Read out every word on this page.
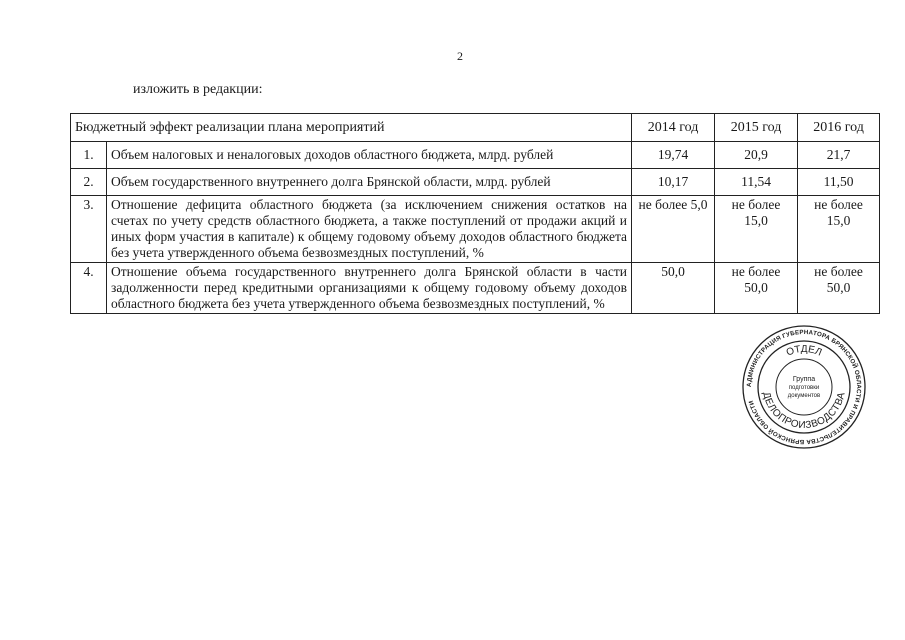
2
изложить в редакции:
Бюджетный эффект реализации плана мероприятий		2014 год	2015 год	2016 год
1.	Объем налоговых и неналоговых доходов областного бюджета, млрд. рублей	19,74	20,9	21,7
2.	Объем государственного внутреннего долга Брянской области, млрд. рублей	10,17	11,54	11,50
3.	Отношение дефицита областного бюджета (за исключением снижения остатков на счетах по учету средств областного бюджета, а также поступлений от продажи акций и иных форм участия в капитале) к общему годовому объему доходов областного бюджета без учета утвержденного объема безвозмездных поступлений, %	не более 5,0	не более 15,0	не более 15,0
4.	Отношение объема государственного внутреннего долга Брянской области в части задолженности перед кредитными организациями к общему годовому объему доходов областного бюджета без учета утвержденного объема безвозмездных поступлений, %	50,0	не более 50,0	не более 50,0
АДМИНИСТРАЦИЯ ГУБЕРНАТОРА БРЯНСКОЙ ОБЛАСТИ И ПРАВИТЕЛЬСТВА БРЯНСКОЙ ОБЛАСТИ
ОТДЕЛ
ДЕЛОПРОИЗВОДСТВА
Группа
подготовки
документов
